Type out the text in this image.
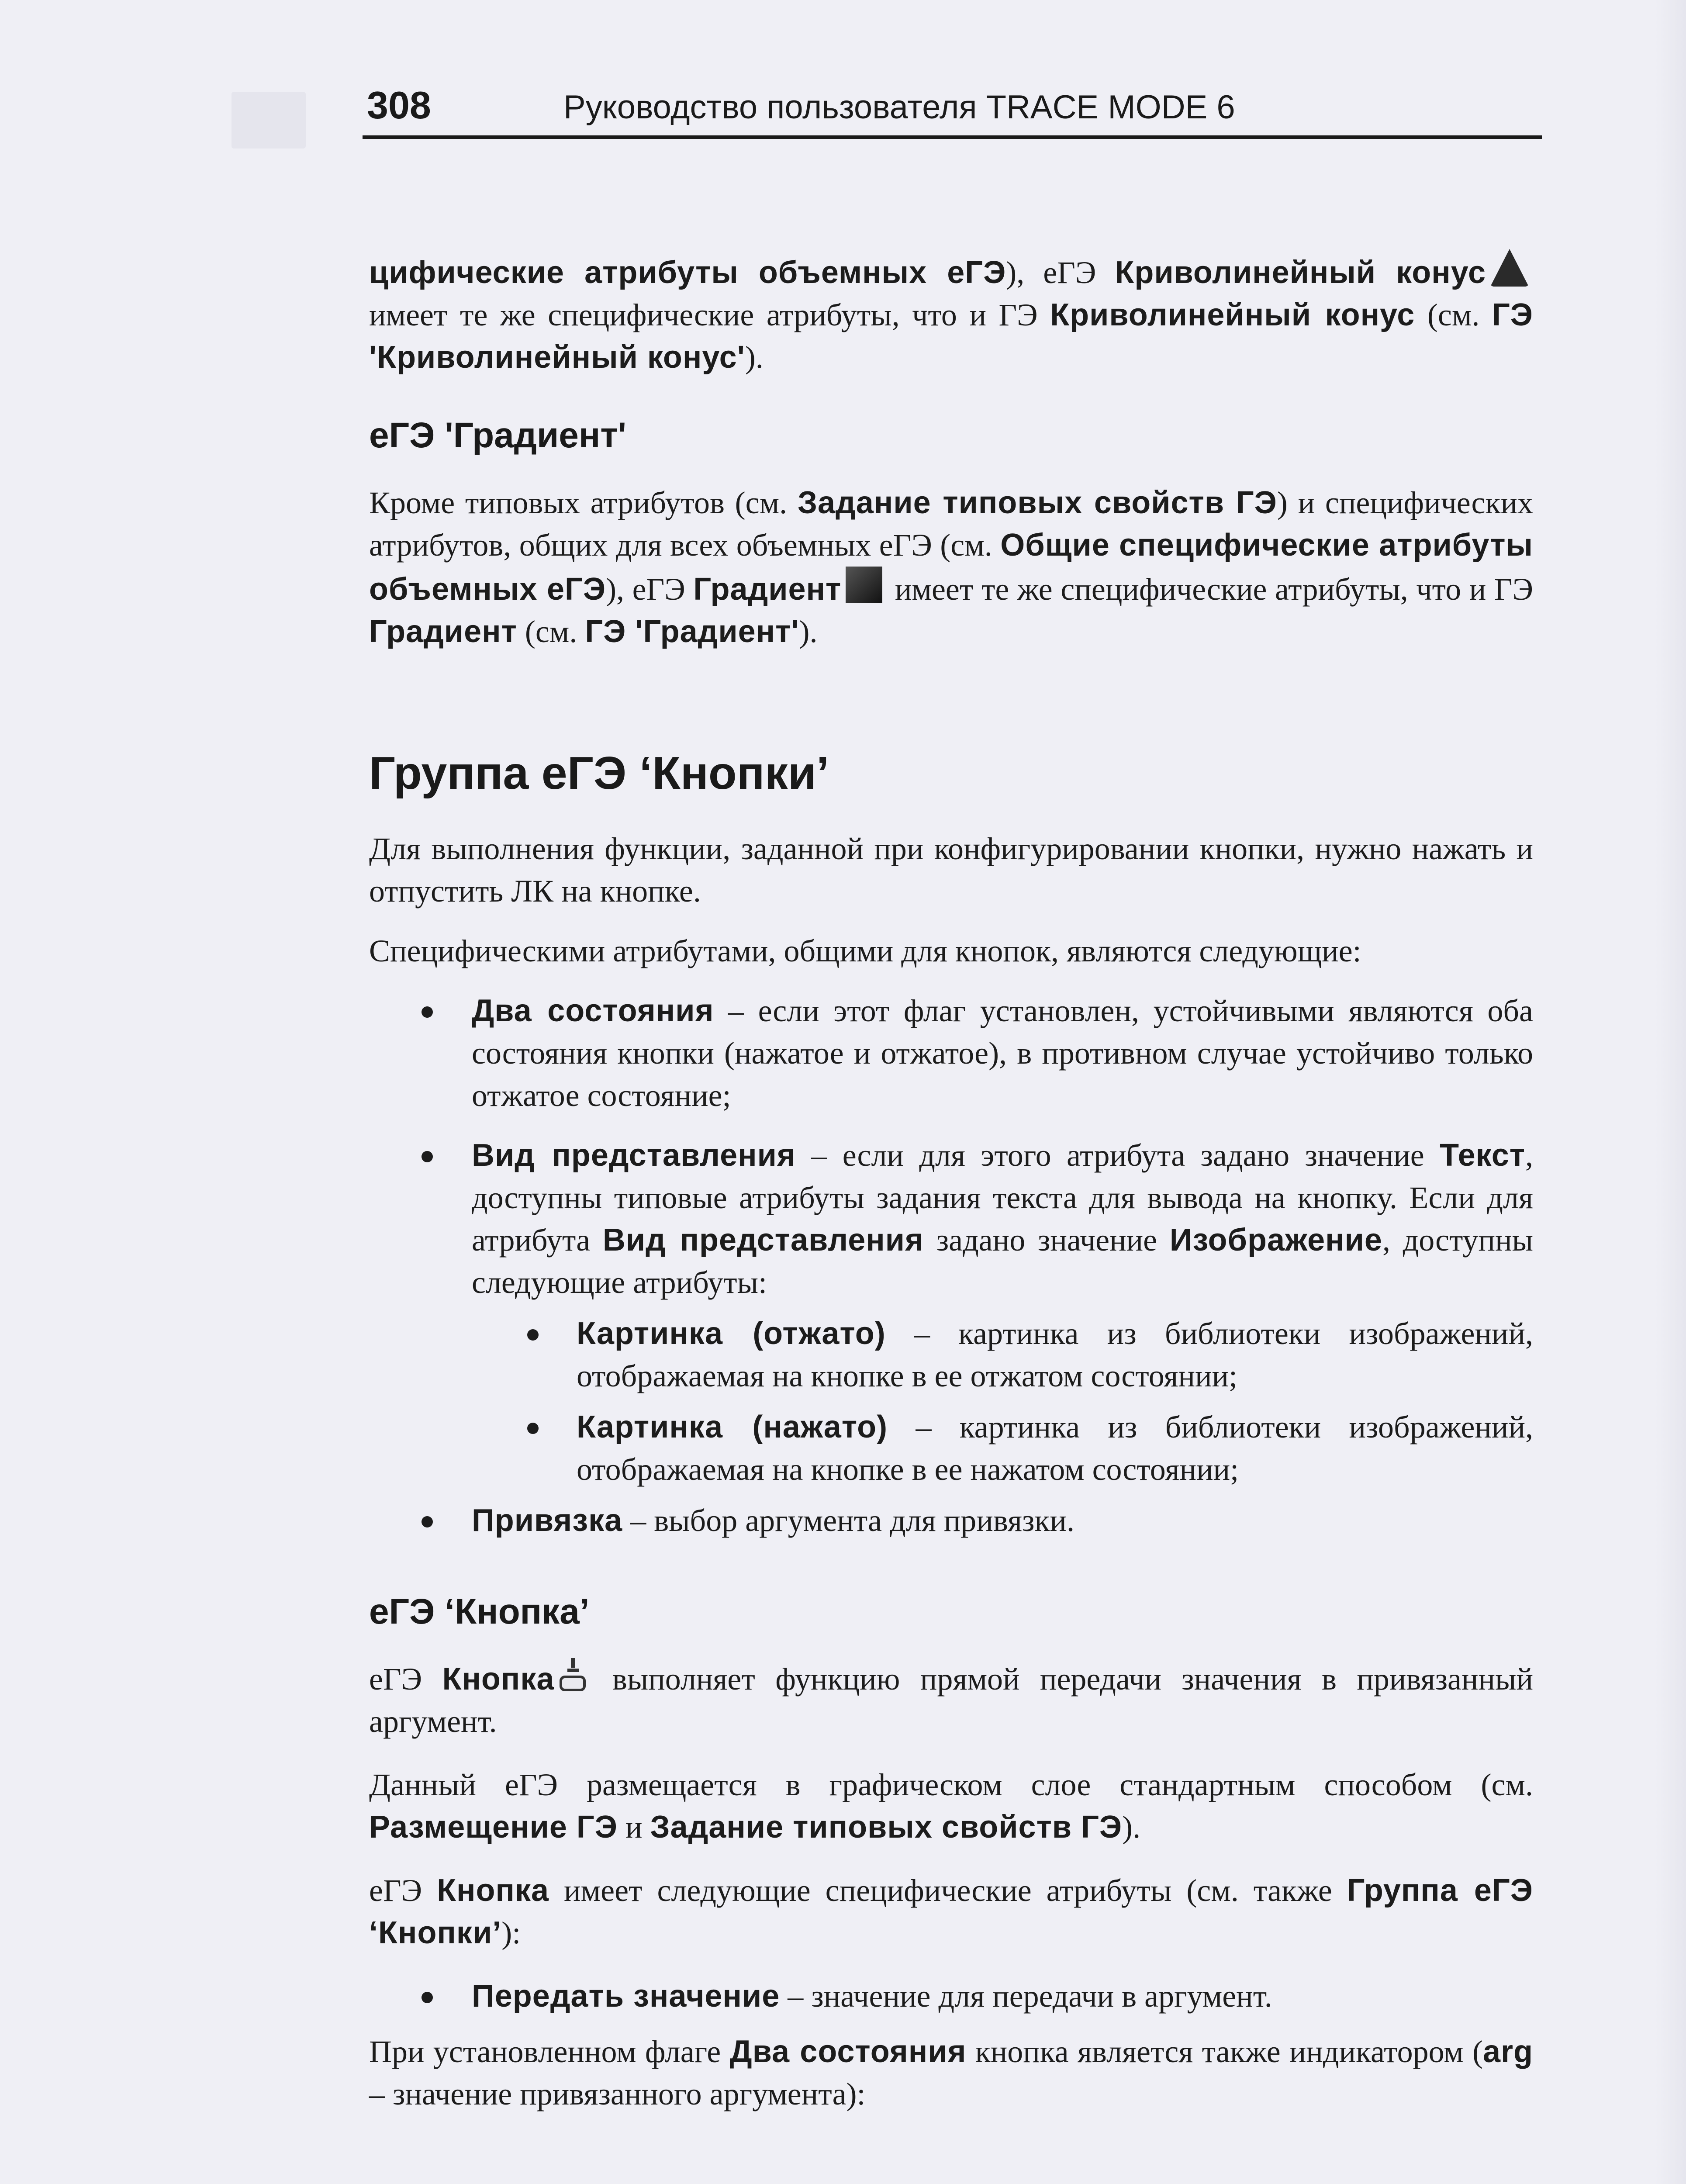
308	Руководство пользователя TRACE MODE 6

цифические атрибуты объемных еГЭ), еГЭ Криволинейный конус имеет те же специфические атрибуты, что и ГЭ Криволинейный конус (см. ГЭ 'Криволинейный конус').

еГЭ 'Градиент'

Кроме типовых атрибутов (см. Задание типовых свойств ГЭ) и специфических атрибутов, общих для всех объемных еГЭ (см. Общие специфические атрибуты объемных еГЭ), еГЭ Градиент имеет те же специфические атрибуты, что и ГЭ Градиент (см. ГЭ 'Градиент').

Группа еГЭ ‘Кнопки’

Для выполнения функции, заданной при конфигурировании кнопки, нужно нажать и отпустить ЛК на кнопке.

Специфическими атрибутами, общими для кнопок, являются следующие:

Два состояния – если этот флаг установлен, устойчивыми являются оба состояния кнопки (нажатое и отжатое), в противном случае устойчиво только отжатое состояние;

Вид представления – если для этого атрибута задано значение Текст, доступны типовые атрибуты задания текста для вывода на кнопку. Если для атрибута Вид представления задано значение Изображение, доступны следующие атрибуты:

Картинка (отжато) – картинка из библиотеки изображений, отображаемая на кнопке в ее отжатом состоянии;

Картинка (нажато) – картинка из библиотеки изображений, отображаемая на кнопке в ее нажатом состоянии;

Привязка – выбор аргумента для привязки.

еГЭ ‘Кнопка’

еГЭ Кнопка
выполняет функцию прямой передачи значения в привязанный аргумент.

Данный еГЭ размещается в графическом слое стандартным способом (см. Размещение ГЭ и Задание типовых свойств ГЭ).

еГЭ Кнопка имеет следующие специфические атрибуты (см. также Группа еГЭ ‘Кнопки’):

Передать значение – значение для передачи в аргумент.

При установленном флаге Два состояния кнопка является также индикатором (arg – значение привязанного аргумента):
